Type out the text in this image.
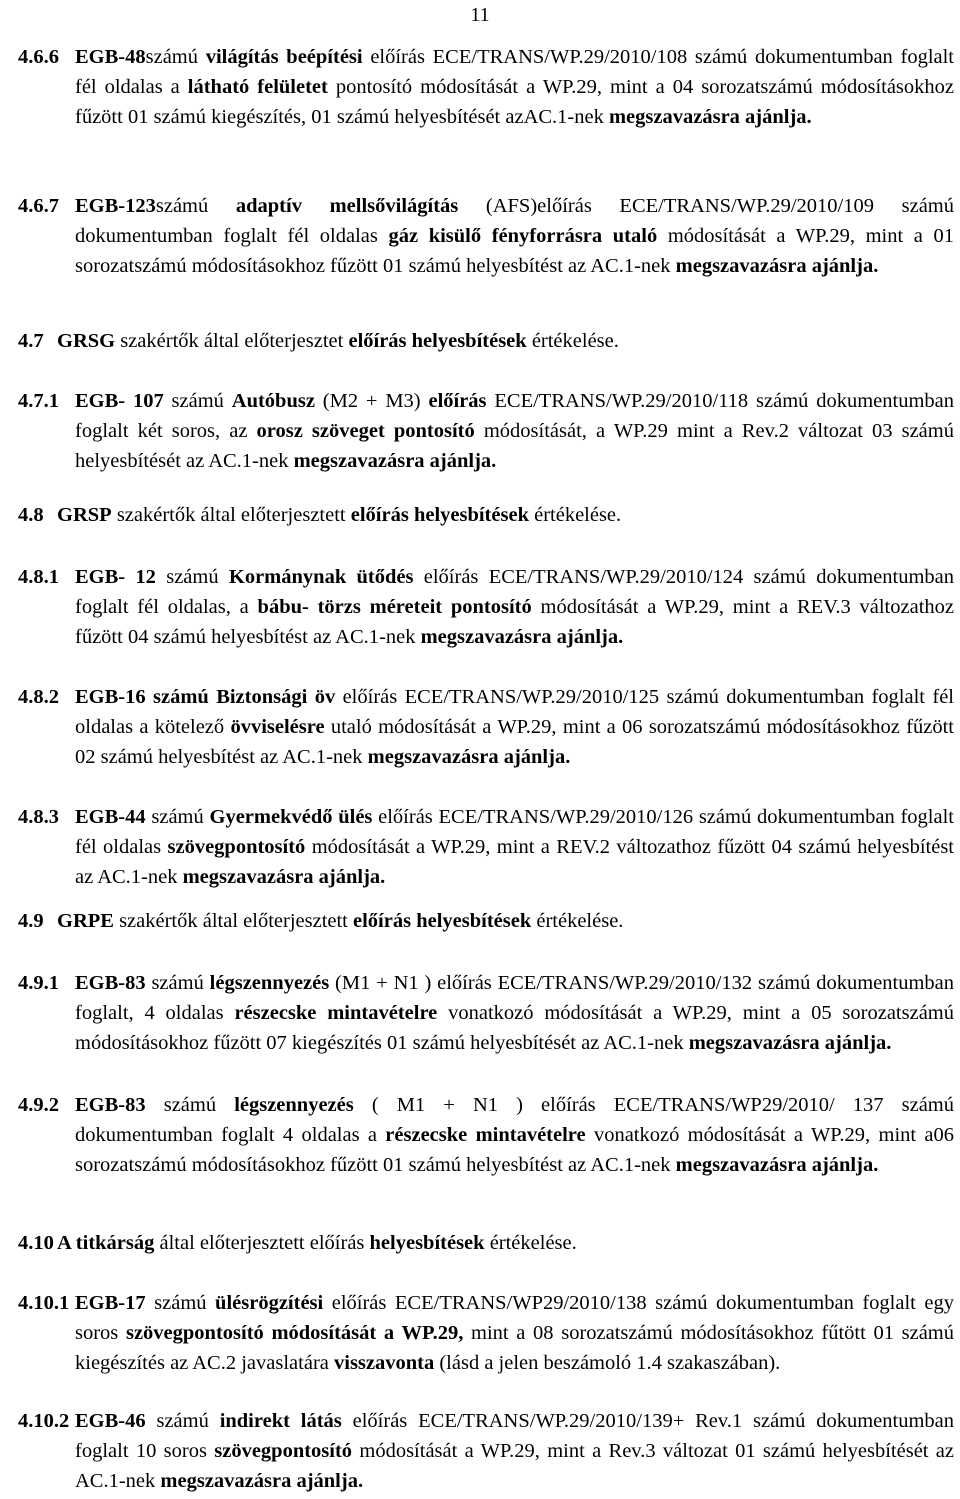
11
4.6.6 EGB-48számú világítás beépítési előírás ECE/TRANS/WP.29/2010/108 számú dokumentumban foglalt fél oldalas a látható felületet pontosító módosítását a WP.29, mint a 04 sorozatszámú módosításokhoz fűzött 01 számú kiegészítés, 01 számú helyesbítését azAC.1-nek megszavazásra ajánlja.
4.6.7 EGB-123számú adaptív mellsővilágítás (AFS)előírás ECE/TRANS/WP.29/2010/109 számú dokumentumban foglalt fél oldalas gáz kisülő fényforrásra utaló módosítását a WP.29, mint a 01 sorozatszámú módosításokhoz fűzött 01 számú helyesbítést az AC.1-nek megszavazásra ajánlja.
4.7 GRSG szakértők által előterjesztet előírás helyesbítések értékelése.
4.7.1 EGB- 107 számú Autóbusz (M2 + M3) előírás ECE/TRANS/WP.29/2010/118 számú dokumentumban foglalt két soros, az orosz szöveget pontosító módosítását, a WP.29 mint a Rev.2 változat 03 számú helyesbítését az AC.1-nek megszavazásra ajánlja.
4.8 GRSP szakértők által előterjesztett előírás helyesbítések értékelése.
4.8.1 EGB- 12 számú Kormánynak ütődés előírás ECE/TRANS/WP.29/2010/124 számú dokumentumban foglalt fél oldalas, a bábu- törzs méreteit pontosító módosítását a WP.29, mint a REV.3 változathoz fűzött 04 számú helyesbítést az AC.1-nek megszavazásra ajánlja.
4.8.2 EGB-16 számú Biztonsági öv előírás ECE/TRANS/WP.29/2010/125 számú dokumentumban foglalt fél oldalas a kötelező övviselésre utaló módosítását a WP.29, mint a 06 sorozatszámú módosításokhoz fűzött 02 számú helyesbítést az AC.1-nek megszavazásra ajánlja.
4.8.3 EGB-44 számú Gyermekvédő ülés előírás ECE/TRANS/WP.29/2010/126 számú dokumentumban foglalt fél oldalas szövegpontosító módosítását a WP.29, mint a REV.2 változathoz fűzött 04 számú helyesbítést az AC.1-nek megszavazásra ajánlja.
4.9 GRPE szakértők által előterjesztett előírás helyesbítések értékelése.
4.9.1 EGB-83 számú légszennyezés (M1 + N1 ) előírás ECE/TRANS/WP.29/2010/132 számú dokumentumban foglalt, 4 oldalas részecske mintavételre vonatkozó módosítását a WP.29, mint a 05 sorozatszámú módosításokhoz fűzött 07 kiegészítés 01 számú helyesbítését az AC.1-nek megszavazásra ajánlja.
4.9.2 EGB-83 számú légszennyezés ( M1 + N1 ) előírás ECE/TRANS/WP29/2010/ 137 számú dokumentumban foglalt 4 oldalas a részecske mintavételre vonatkozó módosítását a WP.29, mint a06 sorozatszámú módosításokhoz fűzött 01 számú helyesbítést az AC.1-nek megszavazásra ajánlja.
4.10 A titkárság által előterjesztett előírás helyesbítések értékelése.
4.10.1 EGB-17 számú ülésrögzítési előírás ECE/TRANS/WP29/2010/138 számú dokumentumban foglalt egy soros szövegpontosító módosítását a WP.29, mint a 08 sorozatszámú módosításokhoz fűtött 01 számú kiegészítés az AC.2 javaslatára visszavonta (lásd a jelen beszámoló 1.4 szakaszában).
4.10.2 EGB-46 számú indirekt látás előírás ECE/TRANS/WP.29/2010/139+ Rev.1 számú dokumentumban foglalt 10 soros szövegpontosító módosítását a WP.29, mint a Rev.3 változat 01 számú helyesbítését az AC.1-nek megszavazásra ajánlja.
